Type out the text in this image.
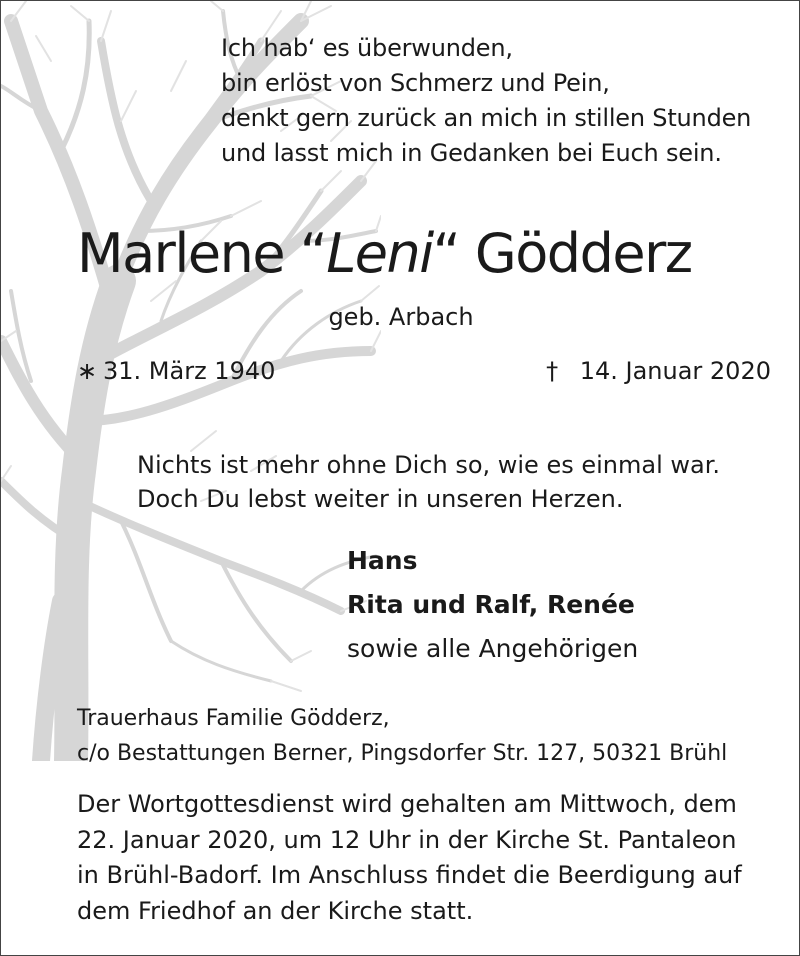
Ich hab‘ es überwunden,
bin erlöst von Schmerz und Pein,
denkt gern zurück an mich in stillen Stunden
und lasst mich in Gedanken bei Euch sein.
Marlene “Leni“ Gödderz
geb. Arbach
∗ 31. März 1940	† 14. Januar 2020
Nichts ist mehr ohne Dich so, wie es einmal war.
Doch Du lebst weiter in unseren Herzen.
Hans
Rita und Ralf, Renée
sowie alle Angehörigen
Trauerhaus Familie Gödderz,
c/o Bestattungen Berner, Pingsdorfer Str. 127, 50321 Brühl
Der Wortgottesdienst wird gehalten am Mittwoch, dem
22. Januar 2020, um 12 Uhr in der Kirche St. Pantaleon
in Brühl-Badorf. Im Anschluss findet die Beerdigung auf
dem Friedhof an der Kirche statt.
